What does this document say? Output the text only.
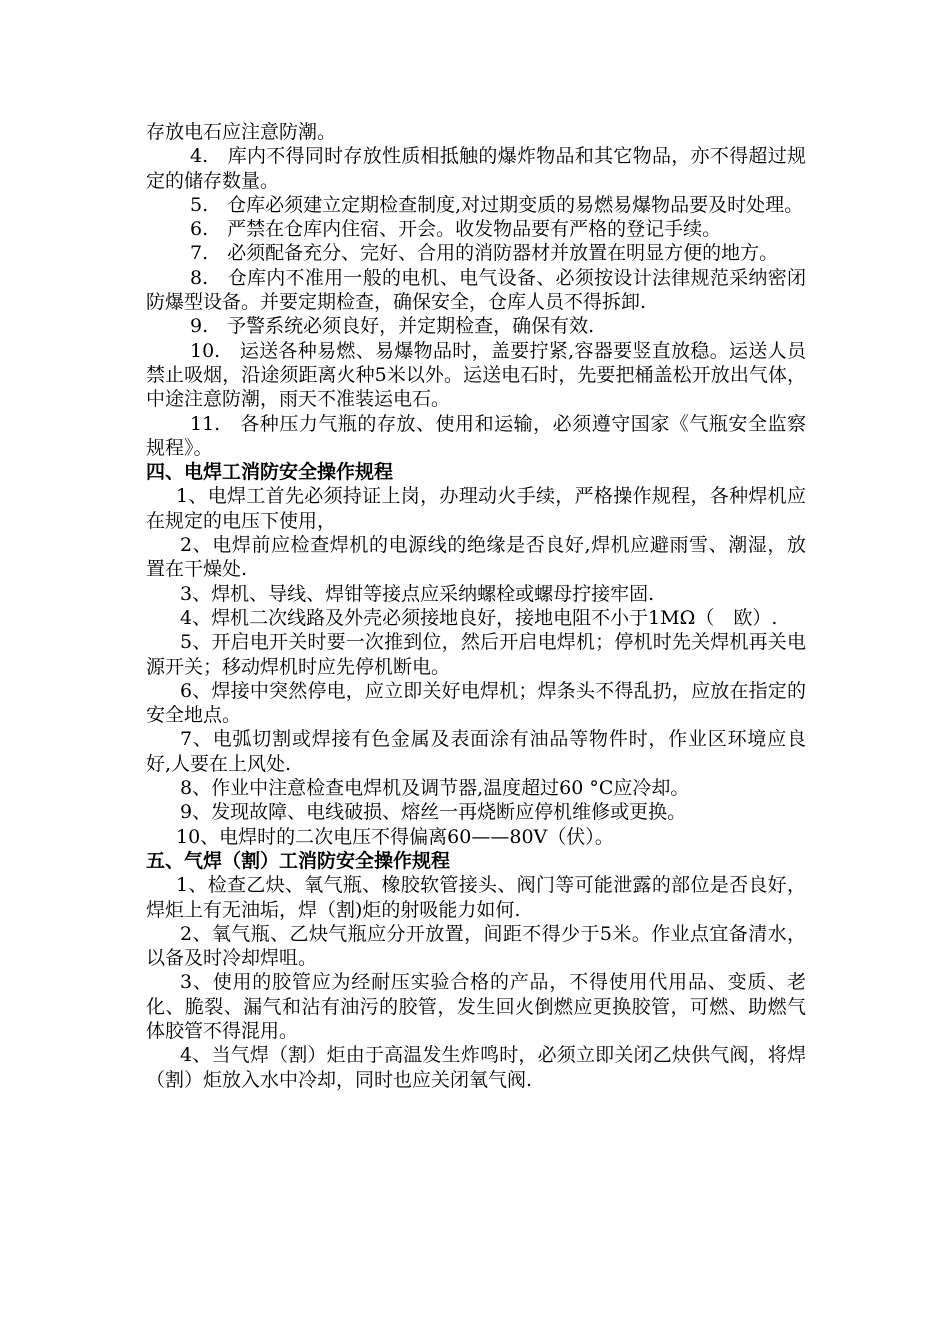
存放电石应注意防潮。

4.　库内不得同时存放性质相抵触的爆炸物品和其它物品，亦不得超过规定的储存数量。

5.　仓库必须建立定期检查制度,对过期变质的易燃易爆物品要及时处理。

6.　严禁在仓库内住宿、开会。收发物品要有严格的登记手续。

7.　必须配备充分、完好、合用的消防器材并放置在明显方便的地方。

8.　仓库内不准用一般的电机、电气设备、必须按设计法律规范采纳密闭防爆型设备。并要定期检查，确保安全，仓库人员不得拆卸.

9.　予警系统必须良好，并定期检查，确保有效.

10.　运送各种易燃、易爆物品时，盖要拧紧,容器要竖直放稳。运送人员禁止吸烟，沿途须距离火种5米以外。运送电石时，先要把桶盖松开放出气体，中途注意防潮，雨天不准装运电石。

11.　各种压力气瓶的存放、使用和运输，必须遵守国家《气瓶安全监察规程》。

四、电焊工消防安全操作规程

1、电焊工首先必须持证上岗，办理动火手续，严格操作规程，各种焊机应在规定的电压下使用，

2、电焊前应检查焊机的电源线的绝缘是否良好,焊机应避雨雪、潮湿，放置在干燥处.

3、焊机、导线、焊钳等接点应采纳螺栓或螺母拧接牢固.

4、焊机二次线路及外壳必须接地良好，接地电阻不小于1MΩ（　欧）.

5、开启电开关时要一次推到位，然后开启电焊机；停机时先关焊机再关电源开关；移动焊机时应先停机断电。

6、焊接中突然停电，应立即关好电焊机；焊条头不得乱扔，应放在指定的安全地点。

7、电弧切割或焊接有色金属及表面涂有油品等物件时，作业区环境应良好,人要在上风处.

8、作业中注意检查电焊机及调节器,温度超过60 °C应冷却。

9、发现故障、电线破损、熔丝一再烧断应停机维修或更换。

10、电焊时的二次电压不得偏离60——80V（伏）。

五、气焊（割）工消防安全操作规程

1、检查乙炔、氧气瓶、橡胶软管接头、阀门等可能泄露的部位是否良好，焊炬上有无油垢，焊（割)炬的射吸能力如何.

2、氧气瓶、乙炔气瓶应分开放置，间距不得少于5米。作业点宜备清水，以备及时冷却焊咀。

3、使用的胶管应为经耐压实验合格的产品，不得使用代用品、变质、老化、脆裂、漏气和沾有油污的胶管，发生回火倒燃应更换胶管，可燃、助燃气体胶管不得混用。

4、当气焊（割）炬由于高温发生炸鸣时，必须立即关闭乙炔供气阀，将焊（割）炬放入水中冷却，同时也应关闭氧气阀.
